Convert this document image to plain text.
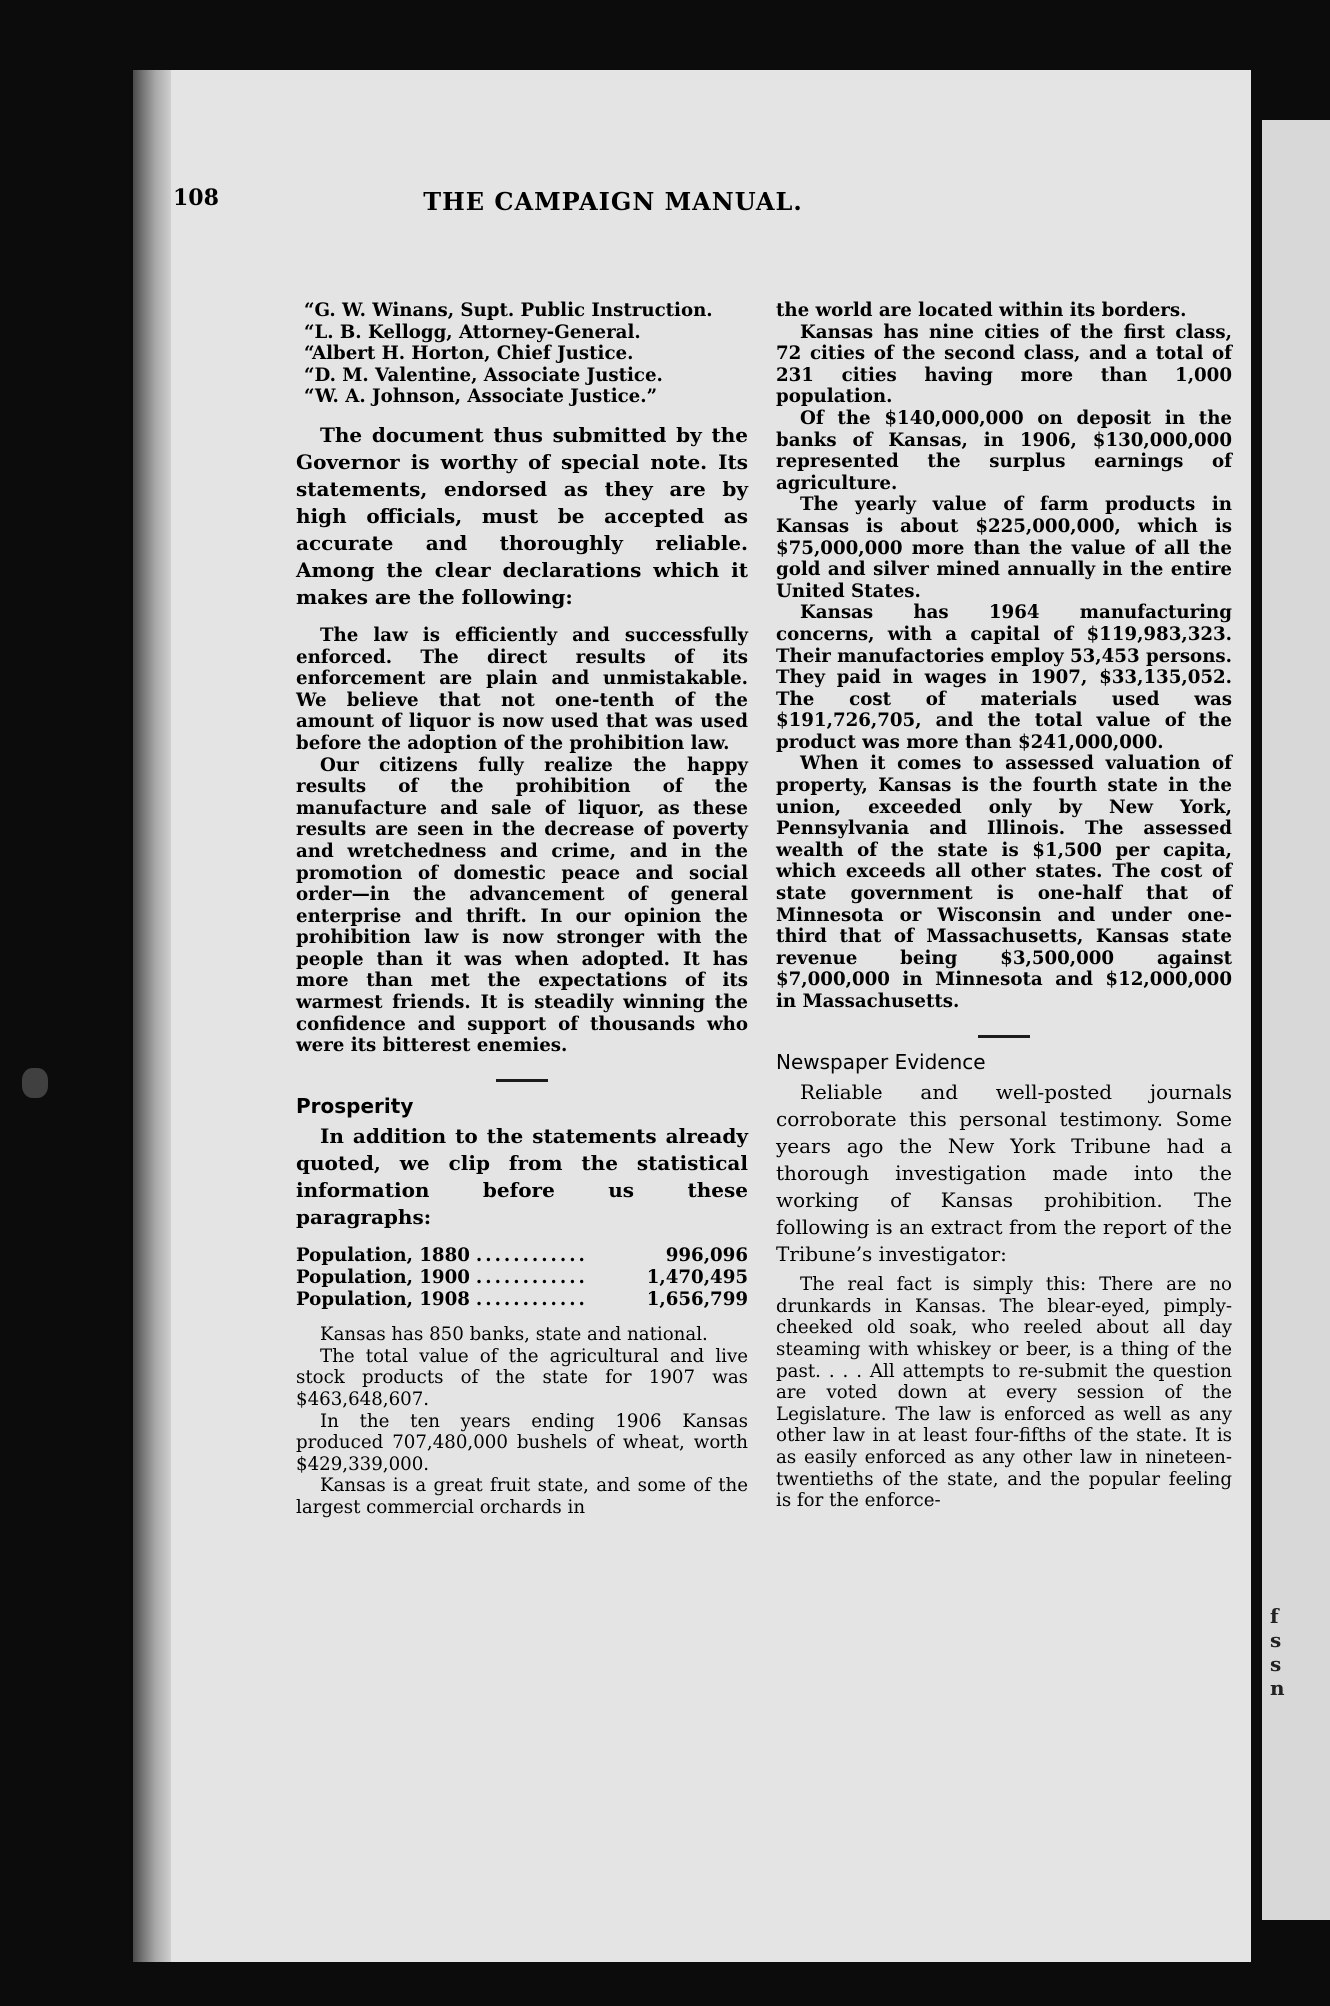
f
s
s
n
108	THE CAMPAIGN MANUAL.

“G. W. Winans, Supt. Public Instruction.

“L. B. Kellogg, Attorney-General.

“Albert H. Horton, Chief Justice.

“D. M. Valentine, Associate Justice.

“W. A. Johnson, Associate Justice.”

The document thus submitted by the Governor is worthy of special note. Its statements, endorsed as they are by high officials, must be accepted as accurate and thoroughly reliable. Among the clear declarations which it makes are the following:

The law is efficiently and successfully enforced. The direct results of its enforcement are plain and unmistakable. We believe that not one-tenth of the amount of liquor is now used that was used before the adoption of the prohibition law.

Our citizens fully realize the happy results of the prohibition of the manufacture and sale of liquor, as these results are seen in the decrease of poverty and wretchedness and crime, and in the promotion of domestic peace and social order—in the advancement of general enterprise and thrift. In our opinion the prohibition law is now stronger with the people than it was when adopted. It has more than met the expectations of its warmest friends. It is steadily winning the confidence and support of thousands who were its bitterest enemies.

Prosperity

In addition to the statements already quoted, we clip from the statistical information before us these paragraphs:

Population, 1880 ............	996,096

Population, 1900 ............	1,470,495

Population, 1908 ............	1,656,799

Kansas has 850 banks, state and national.

The total value of the agricultural and live stock products of the state for 1907 was $463,648,607.

In the ten years ending 1906 Kansas produced 707,480,000 bushels of wheat, worth $429,339,000.

Kansas is a great fruit state, and some of the largest commercial orchards in

the world are located within its borders.

Kansas has nine cities of the first class, 72 cities of the second class, and a total of 231 cities having more than 1,000 population.

Of the $140,000,000 on deposit in the banks of Kansas, in 1906, $130,000,000 represented the surplus earnings of agriculture.

The yearly value of farm products in Kansas is about $225,000,000, which is $75,000,000 more than the value of all the gold and silver mined annually in the entire United States.

Kansas has 1964 manufacturing concerns, with a capital of $119,983,323. Their manufactories employ 53,453 persons. They paid in wages in 1907, $33,135,052. The cost of materials used was $191,726,705, and the total value of the product was more than $241,000,000.

When it comes to assessed valuation of property, Kansas is the fourth state in the union, exceeded only by New York, Pennsylvania and Illinois. The assessed wealth of the state is $1,500 per capita, which exceeds all other states. The cost of state government is one-half that of Minnesota or Wisconsin and under one-third that of Massachusetts, Kansas state revenue being $3,500,000 against $7,000,000 in Minnesota and $12,000,000 in Massachusetts.

Newspaper Evidence

Reliable and well-posted journals corroborate this personal testimony. Some years ago the New York Tribune had a thorough investigation made into the working of Kansas prohibition. The following is an extract from the report of the Tribune’s investigator:

The real fact is simply this: There are no drunkards in Kansas. The blear-eyed, pimply-cheeked old soak, who reeled about all day steaming with whiskey or beer, is a thing of the past. . . . All attempts to re-submit the question are voted down at every session of the Legislature. The law is enforced as well as any other law in at least four-fifths of the state. It is as easily enforced as any other law in nineteen-twentieths of the state, and the popular feeling is for the enforce-
